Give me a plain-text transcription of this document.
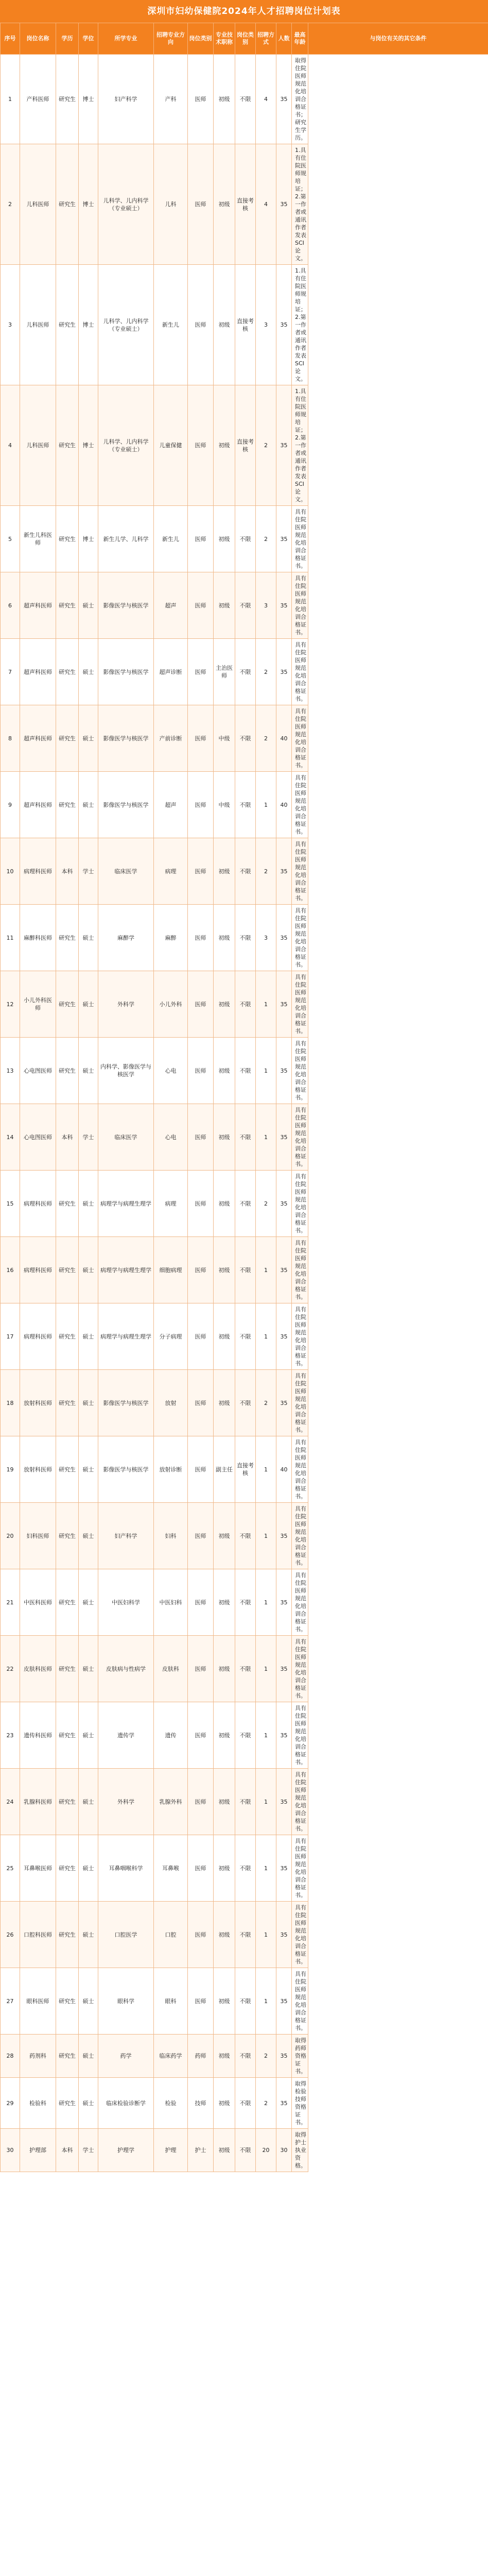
深圳市妇幼保健院2024年人才招聘岗位计划表
序号	岗位名称	学历	学位	所学专业	招聘专业方向	岗位类别	专业技术职称	岗位类别	招聘方式	人数	最高年龄	与岗位有关的其它条件
1	产科医师	研究生	博士	妇产科学	产科	医师	初级	不限	4	35	取得住院医师规范化培训合格证书；研究生学历。	
2	儿科医师	研究生	博士	儿科学、儿内科学（专业硕士）	儿科	医师	初级	直接考核	4	35	1.具有住院医师规培证；
2.第一作者或通讯作者发表SCI论文。	
3	儿科医师	研究生	博士	儿科学、儿内科学（专业硕士）	新生儿	医师	初级	直接考核	3	35	1.具有住院医师规培证；
2.第一作者或通讯作者发表SCI论文。	
4	儿科医师	研究生	博士	儿科学、儿内科学（专业硕士）	儿童保健	医师	初级	直接考核	2	35	1.具有住院医师规培证；
2.第一作者或通讯作者发表SCI论文。	
5	新生儿科医师	研究生	博士	新生儿学、儿科学	新生儿	医师	初级	不限	2	35	具有住院医师规范化培训合格证书。	
6	超声科医师	研究生	硕士	影像医学与核医学	超声	医师	初级	不限	3	35	具有住院医师规范化培训合格证书。	
7	超声科医师	研究生	硕士	影像医学与核医学	超声诊断	医师	主治医师	不限	2	35	具有住院医师规范化培训合格证书。	
8	超声科医师	研究生	硕士	影像医学与核医学	产前诊断	医师	中级	不限	2	40	具有住院医师规范化培训合格证书。	
9	超声科医师	研究生	硕士	影像医学与核医学	超声	医师	中级	不限	1	40	具有住院医师规范化培训合格证书。	
10	病理科医师	本科	学士	临床医学	病理	医师	初级	不限	2	35	具有住院医师规范化培训合格证书。	
11	麻醉科医师	研究生	硕士	麻醉学	麻醉	医师	初级	不限	3	35	具有住院医师规范化培训合格证书。	
12	小儿外科医师	研究生	硕士	外科学	小儿外科	医师	初级	不限	1	35	具有住院医师规范化培训合格证书。	
13	心电图医师	研究生	硕士	内科学、影像医学与核医学	心电	医师	初级	不限	1	35	具有住院医师规范化培训合格证书。	
14	心电图医师	本科	学士	临床医学	心电	医师	初级	不限	1	35	具有住院医师规范化培训合格证书。	
15	病理科医师	研究生	硕士	病理学与病理生理学	病理	医师	初级	不限	2	35	具有住院医师规范化培训合格证书。	
16	病理科医师	研究生	硕士	病理学与病理生理学	细胞病理	医师	初级	不限	1	35	具有住院医师规范化培训合格证书。	
17	病理科医师	研究生	硕士	病理学与病理生理学	分子病理	医师	初级	不限	1	35	具有住院医师规范化培训合格证书。	
18	放射科医师	研究生	硕士	影像医学与核医学	放射	医师	初级	不限	2	35	具有住院医师规范化培训合格证书。	
19	放射科医师	研究生	硕士	影像医学与核医学	放射诊断	医师	副主任	直接考核	1	40	具有住院医师规范化培训合格证书。	
20	妇科医师	研究生	硕士	妇产科学	妇科	医师	初级	不限	1	35	具有住院医师规范化培训合格证书。	
21	中医科医师	研究生	硕士	中医妇科学	中医妇科	医师	初级	不限	1	35	具有住院医师规范化培训合格证书。	
22	皮肤科医师	研究生	硕士	皮肤病与性病学	皮肤科	医师	初级	不限	1	35	具有住院医师规范化培训合格证书。	
23	遗传科医师	研究生	硕士	遗传学	遗传	医师	初级	不限	1	35	具有住院医师规范化培训合格证书。	
24	乳腺科医师	研究生	硕士	外科学	乳腺外科	医师	初级	不限	1	35	具有住院医师规范化培训合格证书。	
25	耳鼻喉医师	研究生	硕士	耳鼻咽喉科学	耳鼻喉	医师	初级	不限	1	35	具有住院医师规范化培训合格证书。	
26	口腔科医师	研究生	硕士	口腔医学	口腔	医师	初级	不限	1	35	具有住院医师规范化培训合格证书。	
27	眼科医师	研究生	硕士	眼科学	眼科	医师	初级	不限	1	35	具有住院医师规范化培训合格证书。	
28	药剂科	研究生	硕士	药学	临床药学	药师	初级	不限	2	35	取得药师资格证书。	
29	检验科	研究生	硕士	临床检验诊断学	检验	技师	初级	不限	2	35	取得检验技师资格证书。	
30	护理部	本科	学士	护理学	护理	护士	初级	不限	20	30	取得护士执业资格。	
